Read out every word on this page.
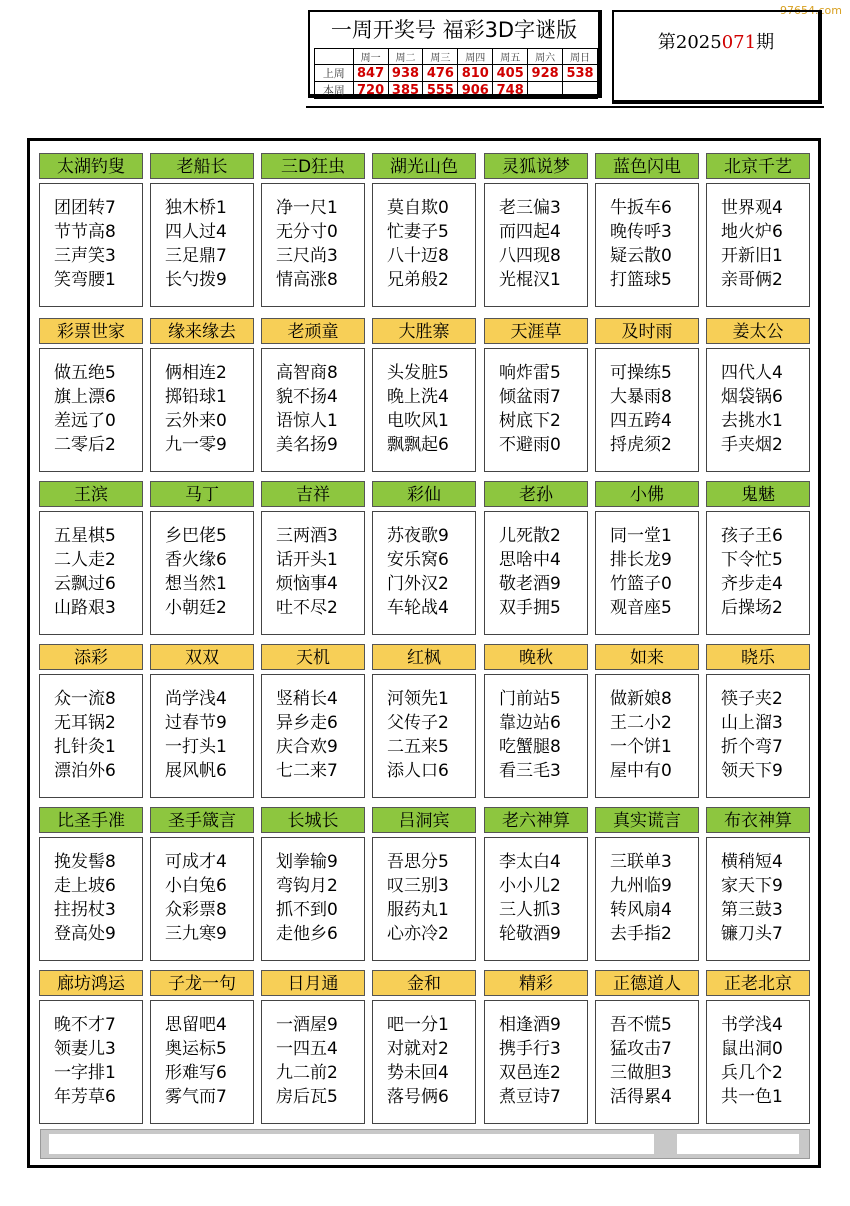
97654.com
一周开奖号 福彩3D字谜版
	周一	周二	周三	周四	周五	周六	周日
上周	847	938	476	810	405	928	538
本周	720	385	555	906	748		
第2025071期
太湖钓叟
团团转7
节节高8
三声笑3
笑弯腰1
老船长
独木桥1
四人过4
三足鼎7
长勺拨9
三D狂虫
净一尺1
无分寸0
三尺尚3
情高涨8
湖光山色
莫自欺0
忙妻子5
八十迈8
兄弟般2
灵狐说梦
老三偏3
而四起4
八四现8
光棍汉1
蓝色闪电
牛扳车6
晚传呼3
疑云散0
打篮球5
北京千艺
世界观4
地火炉6
开新旧1
亲哥俩2
彩票世家
做五绝5
旗上漂6
差远了0
二零后2
缘来缘去
俩相连2
掷铅球1
云外来0
九一零9
老顽童
高智商8
貌不扬4
语惊人1
美名扬9
大胜寨
头发脏5
晚上洗4
电吹风1
飘飘起6
天涯草
响炸雷5
倾盆雨7
树底下2
不避雨0
及时雨
可操练5
大暴雨8
四五跨4
捋虎须2
姜太公
四代人4
烟袋锅6
去挑水1
手夹烟2
王滨
五星棋5
二人走2
云飘过6
山路艰3
马丁
乡巴佬5
香火缘6
想当然1
小朝廷2
吉祥
三两酒3
话开头1
烦恼事4
吐不尽2
彩仙
苏夜歌9
安乐窝6
门外汉2
车轮战4
老孙
儿死散2
思啥中4
敬老酒9
双手拥5
小佛
同一堂1
排长龙9
竹篮子0
观音座5
鬼魅
孩子王6
下令忙5
齐步走4
后操场2
添彩
众一流8
无耳锅2
扎针灸1
漂泊外6
双双
尚学浅4
过春节9
一打头1
展风帆6
天机
竖稍长4
异乡走6
庆合欢9
七二来7
红枫
河领先1
父传子2
二五来5
添人口6
晚秋
门前站5
靠边站6
吃蟹腿8
看三毛3
如来
做新娘8
王二小2
一个饼1
屋中有0
晓乐
筷子夹2
山上溜3
折个弯7
领天下9
比圣手准
挽发髻8
走上坡6
拄拐杖3
登高处9
圣手箴言
可成才4
小白兔6
众彩票8
三九寒9
长城长
划拳输9
弯钩月2
抓不到0
走他乡6
吕洞宾
吾思分5
叹三别3
服药丸1
心亦冷2
老六神算
李太白4
小小儿2
三人抓3
轮敬酒9
真实谎言
三联单3
九州临9
转风扇4
去手指2
布衣神算
横稍短4
家天下9
第三鼓3
镰刀头7
廊坊鸿运
晚不才7
领妻儿3
一字排1
年芳草6
子龙一句
思留吧4
奥运标5
形难写6
雾气而7
日月通
一酒屋9
一四五4
九二前2
房后瓦5
金和
吧一分1
对就对2
势未回4
落号俩6
精彩
相逢酒9
携手行3
双邑连2
煮豆诗7
正德道人
吾不慌5
猛攻击7
三做胆3
活得累4
正老北京
书学浅4
鼠出洞0
兵几个2
共一色1
